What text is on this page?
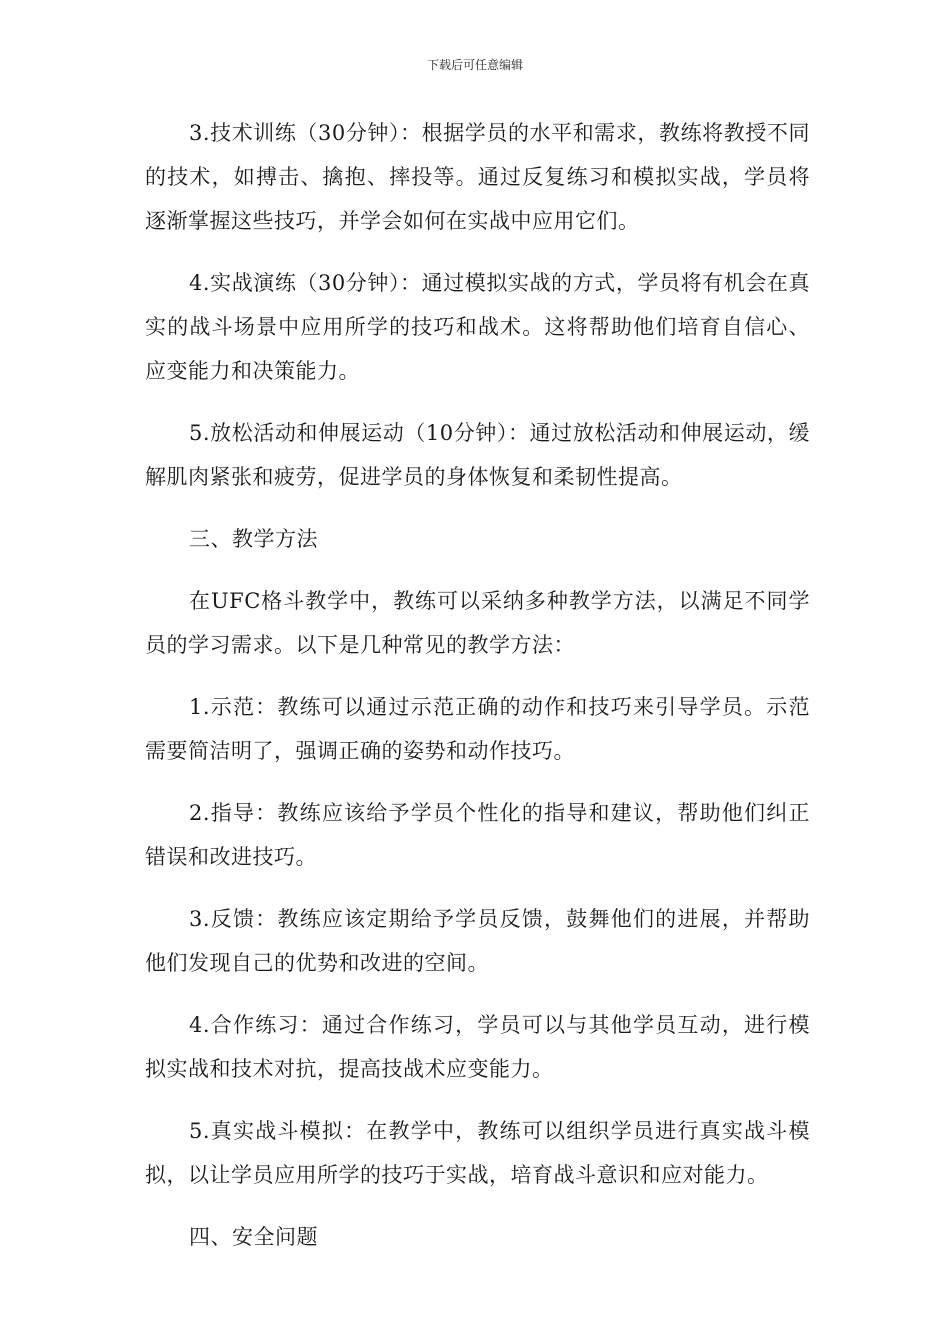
下载后可任意编辑

3.技术训练（30分钟）：根据学员的水平和需求，教练将教授不同的技术，如搏击、擒抱、摔投等。通过反复练习和模拟实战，学员将逐渐掌握这些技巧，并学会如何在实战中应用它们。

4.实战演练（30分钟）：通过模拟实战的方式，学员将有机会在真实的战斗场景中应用所学的技巧和战术。这将帮助他们培育自信心、应变能力和决策能力。

5.放松活动和伸展运动（10分钟）：通过放松活动和伸展运动，缓解肌肉紧张和疲劳，促进学员的身体恢复和柔韧性提高。

三、教学方法

在UFC格斗教学中，教练可以采纳多种教学方法，以满足不同学员的学习需求。以下是几种常见的教学方法：

1.示范：教练可以通过示范正确的动作和技巧来引导学员。示范需要简洁明了，强调正确的姿势和动作技巧。

2.指导：教练应该给予学员个性化的指导和建议，帮助他们纠正错误和改进技巧。

3.反馈：教练应该定期给予学员反馈，鼓舞他们的进展，并帮助他们发现自己的优势和改进的空间。

4.合作练习：通过合作练习，学员可以与其他学员互动，进行模拟实战和技术对抗，提高技战术应变能力。

5.真实战斗模拟：在教学中，教练可以组织学员进行真实战斗模拟，以让学员应用所学的技巧于实战，培育战斗意识和应对能力。

四、安全问题
